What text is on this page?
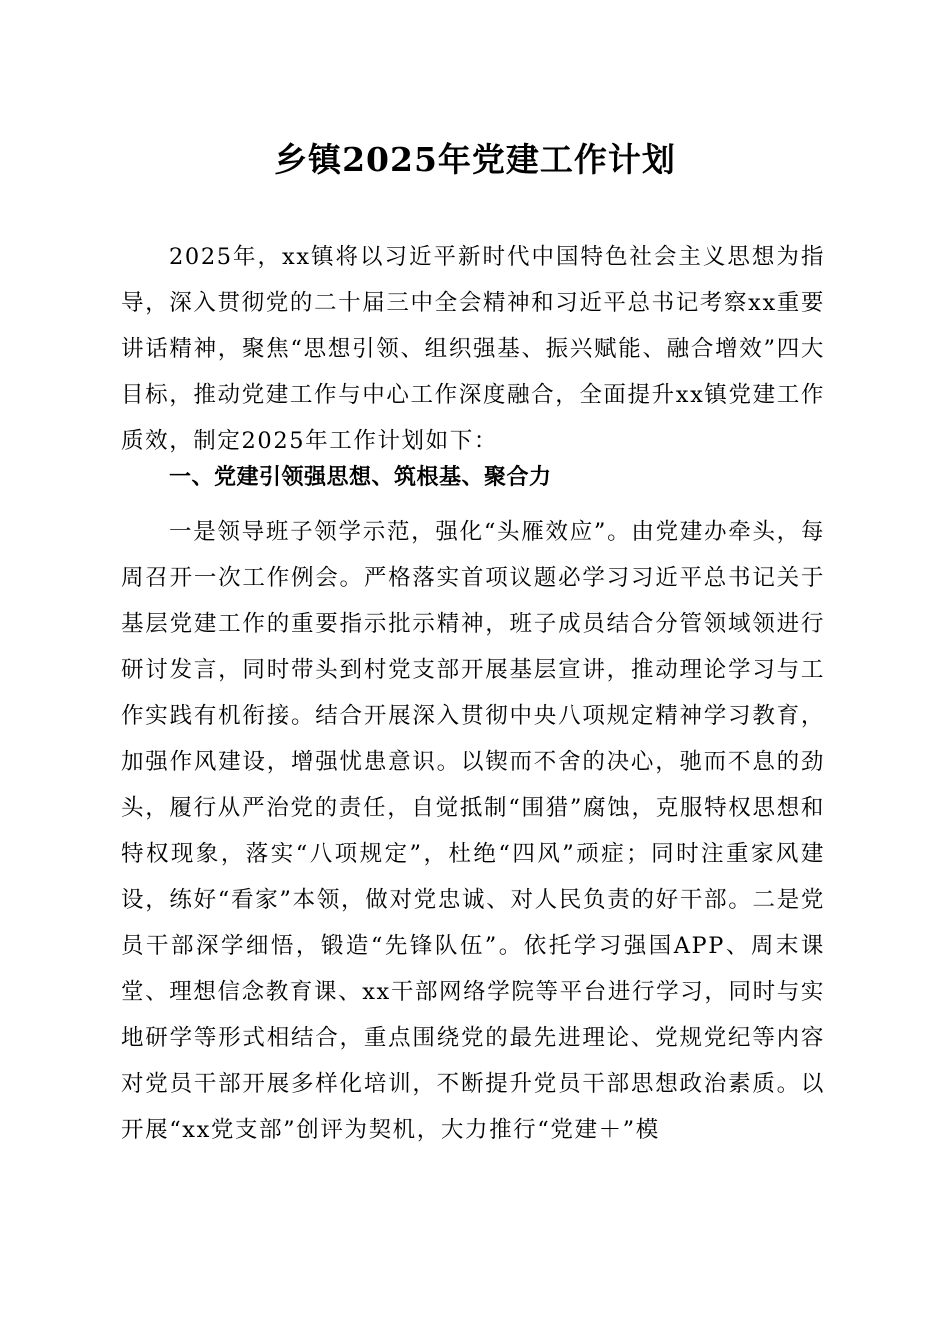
乡镇2025年党建工作计划
2025年，xx镇将以习近平新时代中国特色社会主义思想为指导，深入贯彻党的二十届三中全会精神和习近平总书记考察xx重要讲话精神，聚焦“思想引领、组织强基、振兴赋能、融合增效”四大目标，推动党建工作与中心工作深度融合，全面提升xx镇党建工作质效，制定2025年工作计划如下：
一、党建引领强思想、筑根基、聚合力
一是领导班子领学示范，强化“头雁效应”。由党建办牵头，每周召开一次工作例会。严格落实首项议题必学习习近平总书记关于基层党建工作的重要指示批示精神，班子成员结合分管领域领进行研讨发言，同时带头到村党支部开展基层宣讲，推动理论学习与工作实践有机衔接。结合开展深入贯彻中央八项规定精神学习教育，加强作风建设，增强忧患意识。以锲而不舍的决心，驰而不息的劲头，履行从严治党的责任，自觉抵制“围猎”腐蚀，克服特权思想和特权现象，落实“八项规定”，杜绝“四风”顽症；同时注重家风建设，练好“看家”本领，做对党忠诚、对人民负责的好干部。二是党员干部深学细悟，锻造“先锋队伍”。依托学习强国APP、周末课堂、理想信念教育课、xx干部网络学院等平台进行学习，同时与实地研学等形式相结合，重点围绕党的最先进理论、党规党纪等内容对党员干部开展多样化培训，不断提升党员干部思想政治素质。以开展“xx党支部”创评为契机，大力推行“党建＋”模
